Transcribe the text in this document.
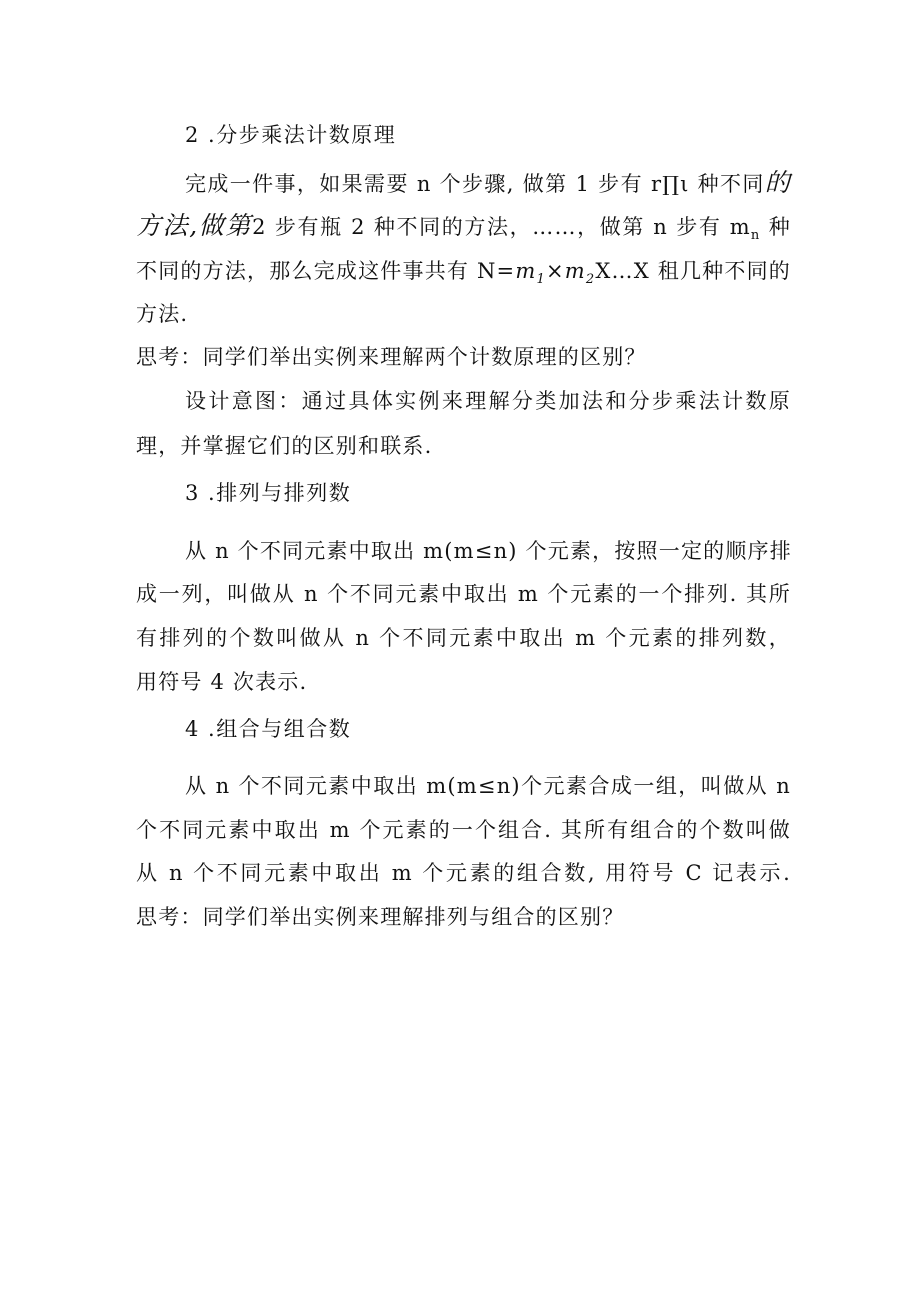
2 .分步乘法计数原理
完成一件事，如果需要 n 个步骤, 做第 1 步有 r∏ι 种不同的
方法,做第2 步有瓶 2 种不同的方法，……，做第 n 步有 $m_n$ 种
不同的方法，那么完成这件事共有 $N=m_1\times m_2X\dots X$ 租几种不同的
方法.
思考：同学们举出实例来理解两个计数原理的区别？
设计意图：通过具体实例来理解分类加法和分步乘法计数原
理，并掌握它们的区别和联系.
3 .排列与排列数
从 n 个不同元素中取出 m(m≤n) 个元素，按照一定的顺序排
成一列，叫做从 n 个不同元素中取出 m 个元素的一个排列. 其所
有排列的个数叫做从 n 个不同元素中取出 m 个元素的排列数，
用符号 4 次表示.
4 .组合与组合数
从 n 个不同元素中取出 m(m≤n)个元素合成一组，叫做从 n
个不同元素中取出 m 个元素的一个组合. 其所有组合的个数叫做
从 n 个不同元素中取出 m 个元素的组合数, 用符号 C 记表示.
思考：同学们举出实例来理解排列与组合的区别？
